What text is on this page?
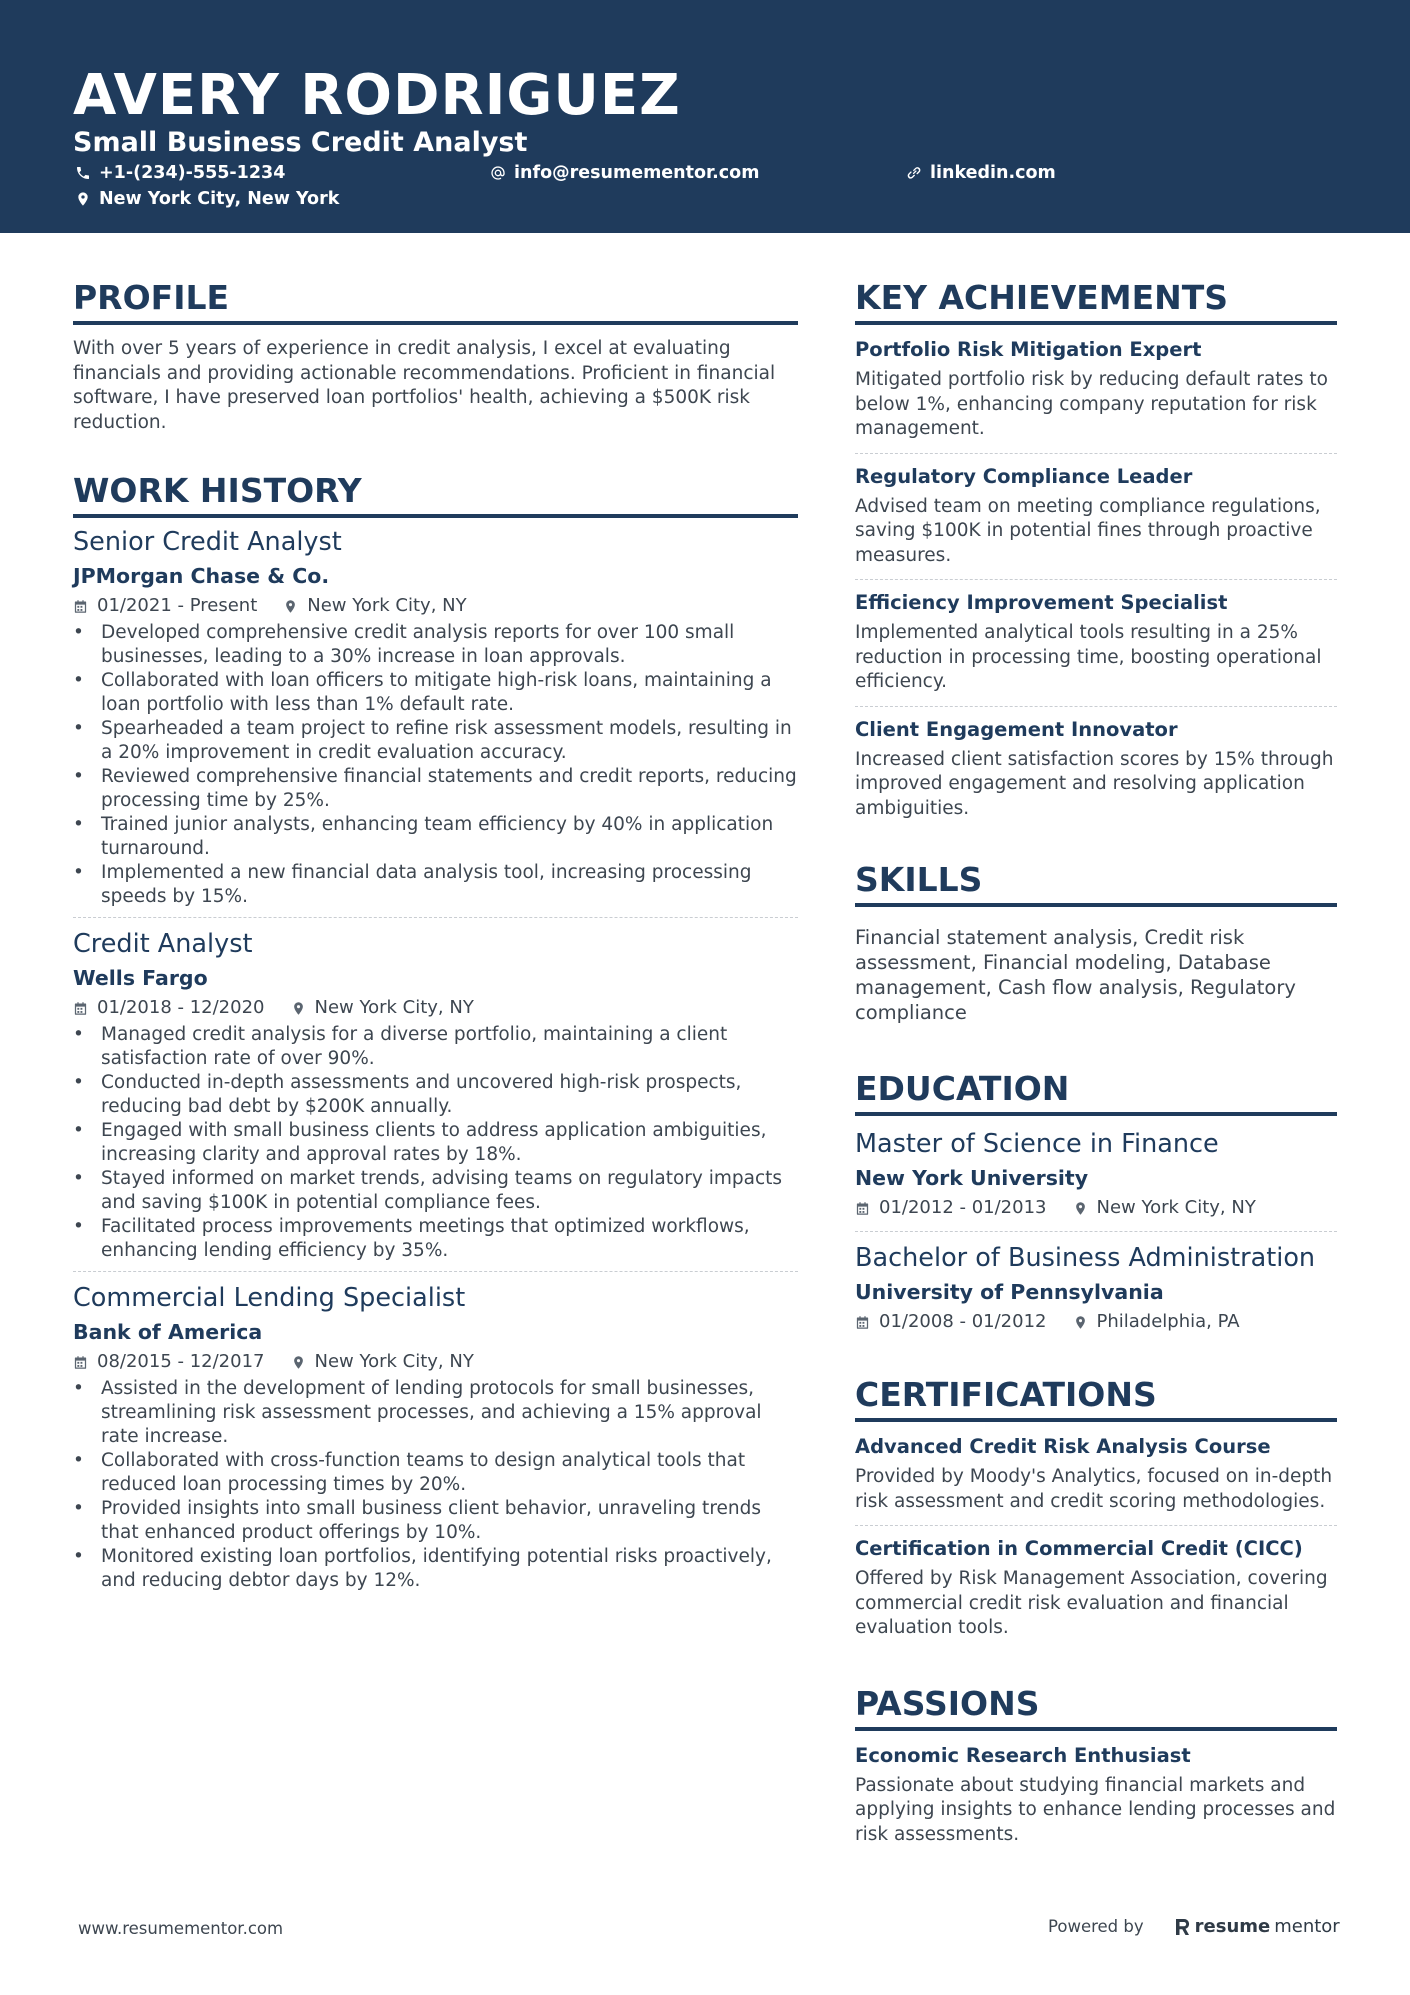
AVERY RODRIGUEZ
Small Business Credit Analyst
+1-(234)-555-1234	info@resumementor.com	linkedin.com
New York City, New York
PROFILE
With over 5 years of experience in credit analysis, I excel at evaluating financials and providing actionable recommendations. Proficient in financial software, I have preserved loan portfolios' health, achieving a $500K risk reduction.
WORK HISTORY
Senior Credit Analyst
JPMorgan Chase & Co.
01/2021 - Present	New York City, NY
• Developed comprehensive credit analysis reports for over 100 small businesses, leading to a 30% increase in loan approvals.
• Collaborated with loan officers to mitigate high-risk loans, maintaining a loan portfolio with less than 1% default rate.
• Spearheaded a team project to refine risk assessment models, resulting in a 20% improvement in credit evaluation accuracy.
• Reviewed comprehensive financial statements and credit reports, reducing processing time by 25%.
• Trained junior analysts, enhancing team efficiency by 40% in application turnaround.
• Implemented a new financial data analysis tool, increasing processing speeds by 15%.
Credit Analyst
Wells Fargo
01/2018 - 12/2020	New York City, NY
• Managed credit analysis for a diverse portfolio, maintaining a client satisfaction rate of over 90%.
• Conducted in-depth assessments and uncovered high-risk prospects, reducing bad debt by $200K annually.
• Engaged with small business clients to address application ambiguities, increasing clarity and approval rates by 18%.
• Stayed informed on market trends, advising teams on regulatory impacts and saving $100K in potential compliance fees.
• Facilitated process improvements meetings that optimized workflows, enhancing lending efficiency by 35%.
Commercial Lending Specialist
Bank of America
08/2015 - 12/2017	New York City, NY
• Assisted in the development of lending protocols for small businesses, streamlining risk assessment processes, and achieving a 15% approval rate increase.
• Collaborated with cross-function teams to design analytical tools that reduced loan processing times by 20%.
• Provided insights into small business client behavior, unraveling trends that enhanced product offerings by 10%.
• Monitored existing loan portfolios, identifying potential risks proactively, and reducing debtor days by 12%.
KEY ACHIEVEMENTS
Portfolio Risk Mitigation Expert
Mitigated portfolio risk by reducing default rates to below 1%, enhancing company reputation for risk management.
Regulatory Compliance Leader
Advised team on meeting compliance regulations, saving $100K in potential fines through proactive measures.
Efficiency Improvement Specialist
Implemented analytical tools resulting in a 25% reduction in processing time, boosting operational efficiency.
Client Engagement Innovator
Increased client satisfaction scores by 15% through improved engagement and resolving application ambiguities.
SKILLS
Financial statement analysis, Credit risk assessment, Financial modeling, Database management, Cash flow analysis, Regulatory compliance
EDUCATION
Master of Science in Finance
New York University
01/2012 - 01/2013	New York City, NY
Bachelor of Business Administration
University of Pennsylvania
01/2008 - 01/2012	Philadelphia, PA
CERTIFICATIONS
Advanced Credit Risk Analysis Course
Provided by Moody's Analytics, focused on in-depth risk assessment and credit scoring methodologies.
Certification in Commercial Credit (CICC)
Offered by Risk Management Association, covering commercial credit risk evaluation and financial evaluation tools.
PASSIONS
Economic Research Enthusiast
Passionate about studying financial markets and applying insights to enhance lending processes and risk assessments.
www.resumementor.com	Powered by	resume mentor
